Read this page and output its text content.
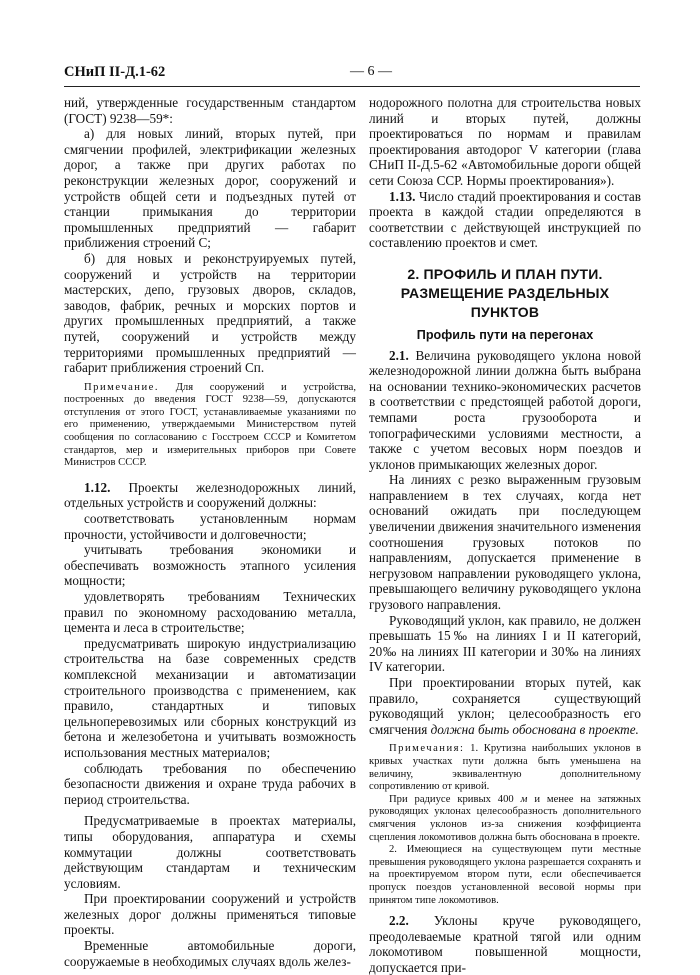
СНиП II-Д.1-62	— 6 —

ний, утвержденные государственным стандартом (ГОСТ) 9238—59*:

а) для новых линий, вторых путей, при смягчении профилей, электрификации железных дорог, а также при других работах по реконструкции железных дорог, сооружений и устройств общей сети и подъездных путей от станции примыкания до территории промышленных предприятий — габарит приближения строений С;

б) для новых и реконструируемых путей, сооружений и устройств на территории мастерских, депо, грузовых дворов, складов, заводов, фабрик, речных и морских портов и других промышленных предприятий, а также путей, сооружений и устройств между территориями промышленных предприятий — габарит приближения строений Сп.

Примечание. Для сооружений и устройства, построенных до введения ГОСТ 9238—59, допускаются отступления от этого ГОСТ, устанавливаемые указаниями по его применению, утверждаемыми Министерством путей сообщения по согласованию с Госстроем СССР и Комитетом стандартов, мер и измерительных приборов при Совете Министров СССР.

1.12. Проекты железнодорожных линий, отдельных устройств и сооружений должны:

соответствовать установленным нормам прочности, устойчивости и долговечности;

учитывать требования экономики и обеспечивать возможность этапного усиления мощности;

удовлетворять требованиям Технических правил по экономному расходованию металла, цемента и леса в строительстве;

предусматривать широкую индустриализацию строительства на базе современных средств комплексной механизации и автоматизации строительного производства с применением, как правило, стандартных и типовых цельноперевозимых или сборных конструкций из бетона и железобетона и учитывать возможность использования местных материалов;

соблюдать требования по обеспечению безопасности движения и охране труда рабочих в период строительства.

Предусматриваемые в проектах материалы, типы оборудования, аппаратура и схемы коммутации должны соответствовать действующим стандартам и техническим условиям.

При проектировании сооружений и устройств железных дорог должны применяться типовые проекты.

Временные автомобильные дороги, сооружаемые в необходимых случаях вдоль желез-

нодорожного полотна для строительства новых линий и вторых путей, должны проектироваться по нормам и правилам проектирования автодорог V категории (глава СНиП II-Д.5-62 «Автомобильные дороги общей сети Союза ССР. Нормы проектирования»).

1.13. Число стадий проектирования и состав проекта в каждой стадии определяются в соответствии с действующей инструкцией по составлению проектов и смет.

2. ПРОФИЛЬ И ПЛАН ПУТИ.
РАЗМЕЩЕНИЕ РАЗДЕЛЬНЫХ ПУНКТОВ
Профиль пути на перегонах

2.1. Величина руководящего уклона новой железнодорожной линии должна быть выбрана на основании технико-экономических расчетов в соответствии с предстоящей работой дороги, темпами роста грузооборота и топографическими условиями местности, а также с учетом весовых норм поездов и уклонов примыкающих железных дорог.

На линиях с резко выраженным грузовым направлением в тех случаях, когда нет оснований ожидать при последующем увеличении движения значительного изменения соотношения грузовых потоков по направлениям, допускается применение в негрузовом направлении руководящего уклона, превышающего величину руководящего уклона грузового направления.

Руководящий уклон, как правило, не должен превышать 15‰ на линиях I и II категорий, 20‰ на линиях III категории и 30‰ на линиях IV категории.

При проектировании вторых путей, как правило, сохраняется существующий руководящий уклон; целесообразность его смягчения должна быть обоснована в проекте.

Примечания: 1. Крутизна наибольших уклонов в кривых участках пути должна быть уменьшена на величину, эквивалентную дополнительному сопротивлению от кривой.

При радиусе кривых 400 м и менее на затяжных руководящих уклонах целесообразность дополнительного смягчения уклонов из-за снижения коэффициента сцепления локомотивов должна быть обоснована в проекте.

2. Имеющиеся на существующем пути местные превышения руководящего уклона разрешается сохранять и на проектируемом втором пути, если обеспечивается пропуск поездов установленной весовой нормы при принятом типе локомотивов.

2.2. Уклоны круче руководящего, преодолеваемые кратной тягой или одним локомотивом повышенной мощности, допускается при-
